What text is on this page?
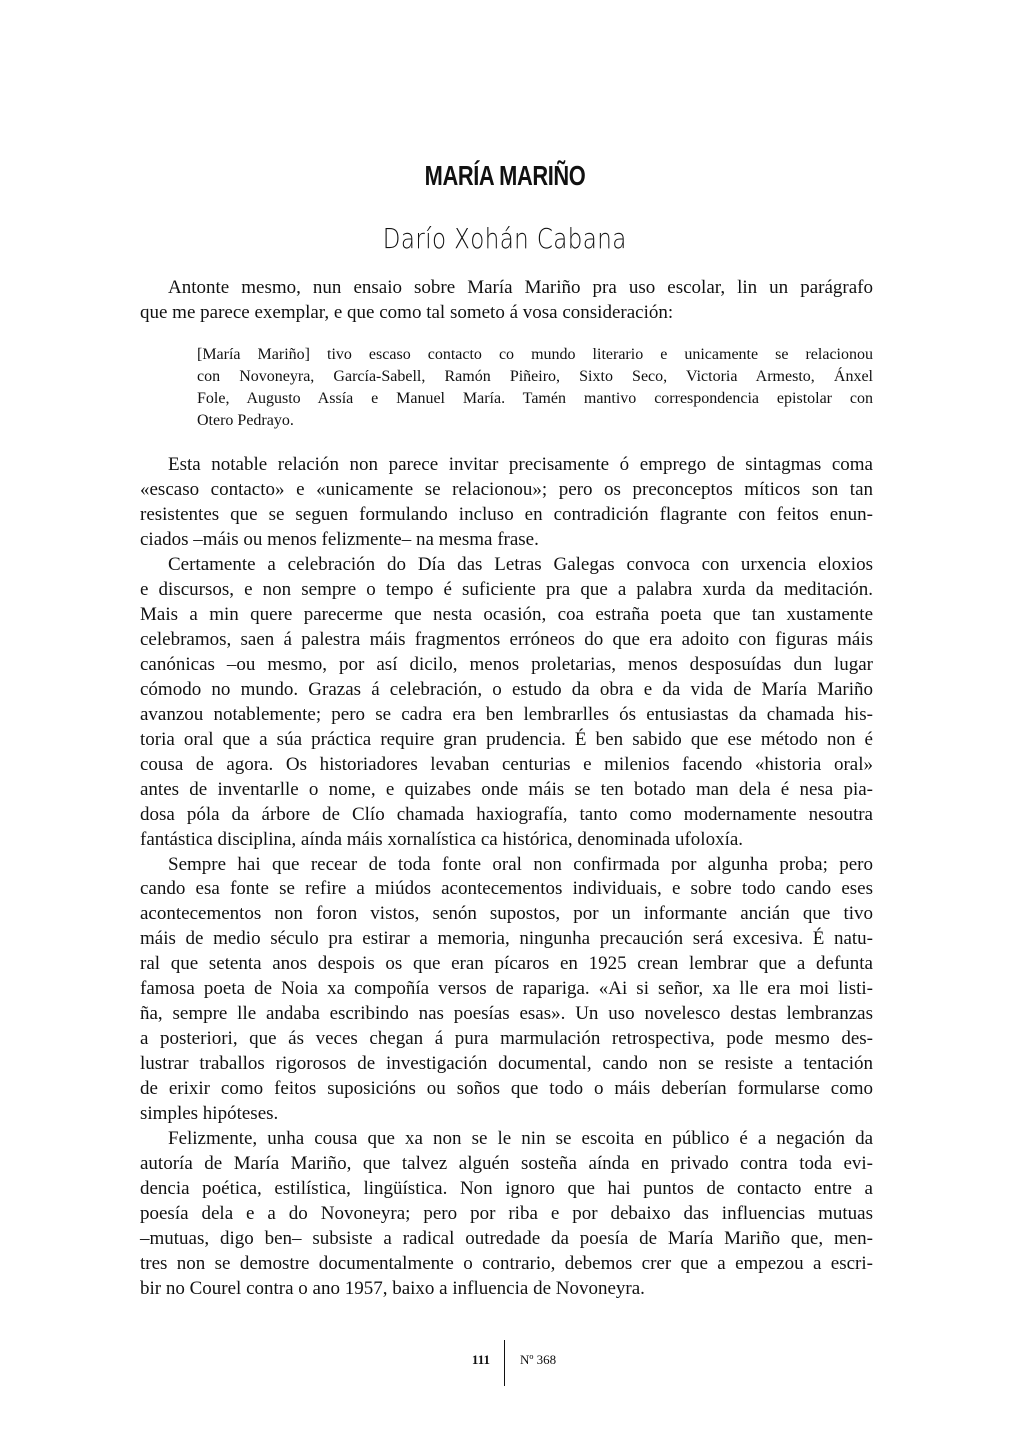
MARÍA MARIÑO
Darío Xohán Cabana
Antonte mesmo, nun ensaio sobre María Mariño pra uso escolar, lin un parágrafo
que me parece exemplar, e que como tal someto á vosa consideración:
[María Mariño] tivo escaso contacto co mundo literario e unicamente se relacionou
con Novoneyra, García-Sabell, Ramón Piñeiro, Sixto Seco, Victoria Armesto, Ánxel
Fole, Augusto Assía e Manuel María. Tamén mantivo correspondencia epistolar con
Otero Pedrayo.
Esta notable relación non parece invitar precisamente ó emprego de sintagmas coma
«escaso contacto» e «unicamente se relacionou»; pero os preconceptos míticos son tan
resistentes que se seguen formulando incluso en contradición flagrante con feitos enun-
ciados –máis ou menos felizmente– na mesma frase.
Certamente a celebración do Día das Letras Galegas convoca con urxencia eloxios
e discursos, e non sempre o tempo é suficiente pra que a palabra xurda da meditación.
Mais a min quere parecerme que nesta ocasión, coa estraña poeta que tan xustamente
celebramos, saen á palestra máis fragmentos erróneos do que era adoito con figuras máis
canónicas –ou mesmo, por así dicilo, menos proletarias, menos desposuídas dun lugar
cómodo no mundo. Grazas á celebración, o estudo da obra e da vida de María Mariño
avanzou notablemente; pero se cadra era ben lembrarlles ós entusiastas da chamada his-
toria oral que a súa práctica require gran prudencia. É ben sabido que ese método non é
cousa de agora. Os historiadores levaban centurias e milenios facendo «historia oral»
antes de inventarlle o nome, e quizabes onde máis se ten botado man dela é nesa pia-
dosa póla da árbore de Clío chamada haxiografía, tanto como modernamente nesoutra
fantástica disciplina, aínda máis xornalística ca histórica, denominada ufoloxía.
Sempre hai que recear de toda fonte oral non confirmada por algunha proba; pero
cando esa fonte se refire a miúdos acontecementos individuais, e sobre todo cando eses
acontecementos non foron vistos, senón supostos, por un informante ancián que tivo
máis de medio século pra estirar a memoria, ningunha precaución será excesiva. É natu-
ral que setenta anos despois os que eran pícaros en 1925 crean lembrar que a defunta
famosa poeta de Noia xa compoñía versos de rapariga. «Ai si señor, xa lle era moi listi-
ña, sempre lle andaba escribindo nas poesías esas». Un uso novelesco destas lembranzas
a posteriori, que ás veces chegan á pura marmulación retrospectiva, pode mesmo des-
lustrar traballos rigorosos de investigación documental, cando non se resiste a tentación
de erixir como feitos suposicións ou soños que todo o máis deberían formularse como
simples hipóteses.
Felizmente, unha cousa que xa non se le nin se escoita en público é a negación da
autoría de María Mariño, que talvez alguén sosteña aínda en privado contra toda evi-
dencia poética, estilística, lingüística. Non ignoro que hai puntos de contacto entre a
poesía dela e a do Novoneyra; pero por riba e por debaixo das influencias mutuas
–mutuas, digo ben– subsiste a radical outredade da poesía de María Mariño que, men-
tres non se demostre documentalmente o contrario, debemos crer que a empezou a escri-
bir no Courel contra o ano 1957, baixo a influencia de Novoneyra.
111 Nº 368
